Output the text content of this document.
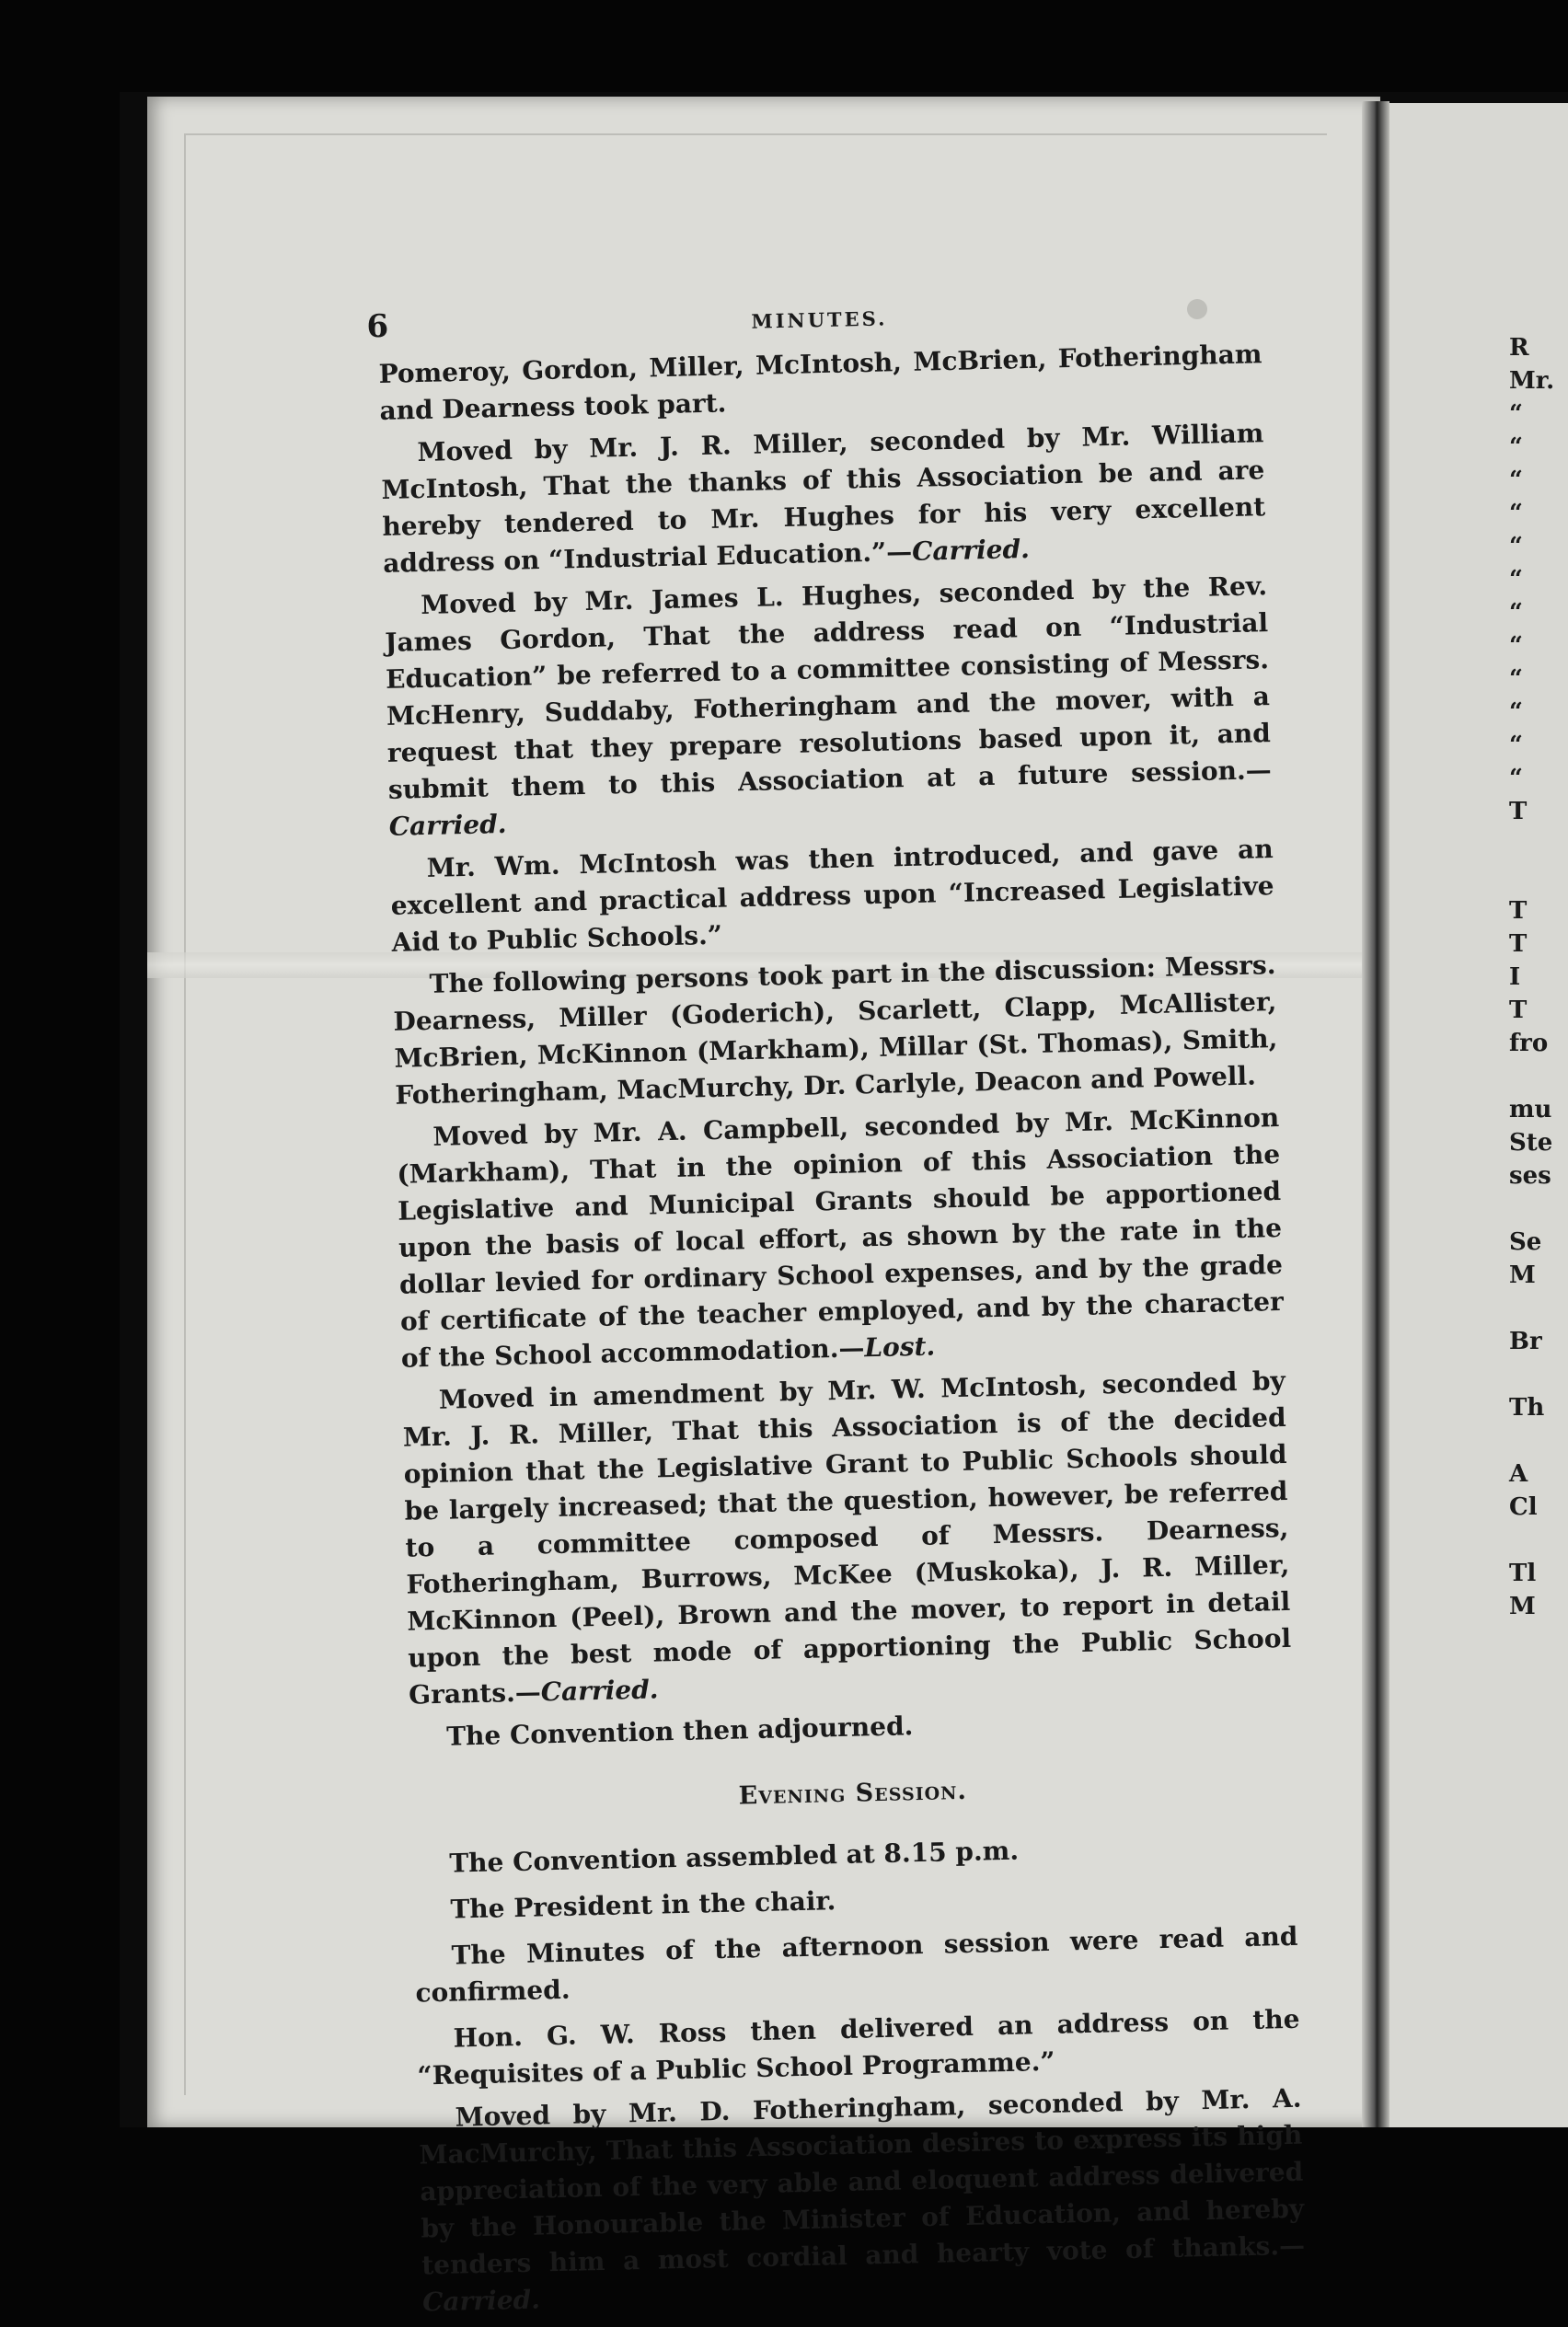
6	MINUTES.

Pomeroy, Gordon, Miller, McIntosh, McBrien, Fotheringham and Dearness took part.

Moved by Mr. J. R. Miller, seconded by Mr. William McIntosh, That the thanks of this Association be and are hereby tendered to Mr. Hughes for his very excellent address on “Industrial Education.”—Carried.

Moved by Mr. James L. Hughes, seconded by the Rev. James Gordon, That the address read on “Industrial Education” be referred to a committee consisting of Messrs. McHenry, Suddaby, Fotheringham and the mover, with a request that they prepare resolutions based upon it, and submit them to this Association at a future session.—Carried.

Mr. Wm. McIntosh was then introduced, and gave an excellent and practical address upon “Increased Legislative Aid to Public Schools.”

The following persons took part in the discussion: Messrs. Dearness, Miller (Goderich), Scarlett, Clapp, McAllister, McBrien, McKinnon (Markham), Millar (St. Thomas), Smith, Fotheringham, MacMurchy, Dr. Carlyle, Deacon and Powell.

Moved by Mr. A. Campbell, seconded by Mr. McKinnon (Markham), That in the opinion of this Association the Legislative and Municipal Grants should be apportioned upon the basis of local effort, as shown by the rate in the dollar levied for ordinary School expenses, and by the grade of certificate of the teacher employed, and by the character of the School accommodation.—Lost.

Moved in amendment by Mr. W. McIntosh, seconded by Mr. J. R. Miller, That this Association is of the decided opinion that the Legislative Grant to Public Schools should be largely increased; that the question, however, be referred to a committee composed of Messrs. Dearness, Fotheringham, Burrows, McKee (Muskoka), J. R. Miller, McKinnon (Peel), Brown and the mover, to report in detail upon the best mode of apportioning the Public School Grants.—Carried.

The Convention then adjourned.

Evening Session.

The Convention assembled at 8.15 p.m.

The President in the chair.

The Minutes of the afternoon session were read and confirmed.

Hon. G. W. Ross then delivered an address on the “Requisites of a Public School Programme.”

Moved by Mr. D. Fotheringham, seconded by Mr. A. MacMurchy, That this Association desires to express its high appreciation of the very able and eloquent address delivered by the Honourable the Minister of Education, and hereby tenders him a most cordial and hearty vote of thanks.—Carried.

R
Mr.
“
“
“
“
“
“
“
“
“
“
“
“
T
T
T
I
T
fro
mu
Ste
ses
Se
M
Br
Th
A
Cl
Tl
M
